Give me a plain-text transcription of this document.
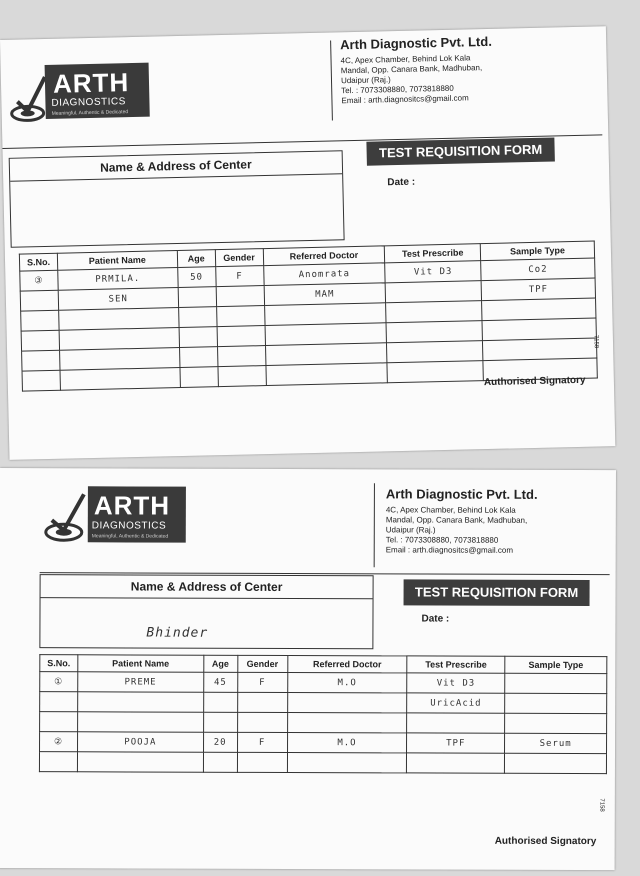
ARTH
DIAGNOSTICS
Meaningful, Authentic & Dedicated
Arth Diagnostic Pvt. Ltd.
4C, Apex Chamber, Behind Lok Kala
Mandal, Opp. Canara Bank, Madhuban,
Udaipur (Raj.)
Tel. : 7073308880, 7073818880
Email : arth.diagnositcs@gmail.com
Name & Address of Center
TEST REQUISITION FORM
Date :
S.No.	Patient Name	Age	Gender	Referred Doctor	Test Prescribe	Sample Type
③	PRMILA.	50	F	Anomrata	Vit D3	Co2
	SEN			MAM		TPF

7158
Authorised Signatory
ARTH
DIAGNOSTICS
Meaningful, Authentic & Dedicated
Arth Diagnostic Pvt. Ltd.
4C, Apex Chamber, Behind Lok Kala
Mandal, Opp. Canara Bank, Madhuban,
Udaipur (Raj.)
Tel. : 7073308880, 7073818880
Email : arth.diagnositcs@gmail.com
Name & Address of Center
Bhinder
TEST REQUISITION FORM
Date :
S.No.	Patient Name	Age	Gender	Referred Doctor	Test Prescribe	Sample Type
①	PREME	45	F	M.O	Vit D3	
					UricAcid	

②	POOJA	20	F	M.O	TPF	Serum

7158
Authorised Signatory
